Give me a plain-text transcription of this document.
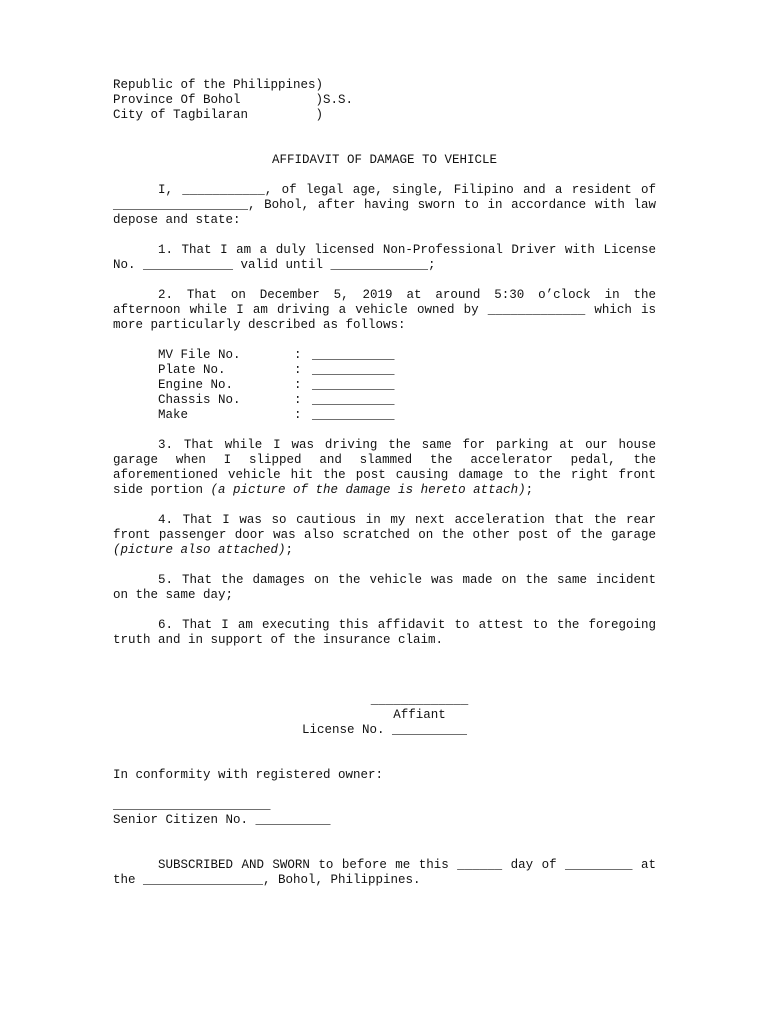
Republic of the Philippines)
Province Of Bohol          )S.S.
City of Tagbilaran         )
AFFIDAVIT OF DAMAGE TO VEHICLE

I, ___________, of legal age, single, Filipino and a resident of __________________, Bohol, after having sworn to in accordance with law depose and state:

1. That I am a duly licensed Non-Professional Driver with License No. ____________ valid until _____________;

2. That on December 5, 2019 at around 5:30 o’clock in the afternoon while I am driving a vehicle owned by _____________ which is more particularly described as follows:

MV File No.	: ___________
Plate No.	: ___________
Engine No.	: ___________
Chassis No.	: ___________
Make	: ___________

3. That while I was driving the same for parking at our house garage when I slipped and slammed the accelerator pedal, the aforementioned vehicle hit the post causing damage to the right front side portion (a picture of the damage is hereto attach);

4. That I was so cautious in my next acceleration that the rear front passenger door was also scratched on the other post of the garage (picture also attached);

5. That the damages on the vehicle was made on the same incident on the same day;

6. That I am executing this affidavit to attest to the foregoing truth and in support of the insurance claim.

_____________
Affiant
License No. __________
In conformity with registered owner:
_____________________
Senior Citizen No. __________

SUBSCRIBED AND SWORN to before me this ______ day of _________ at the ________________, Bohol, Philippines.
